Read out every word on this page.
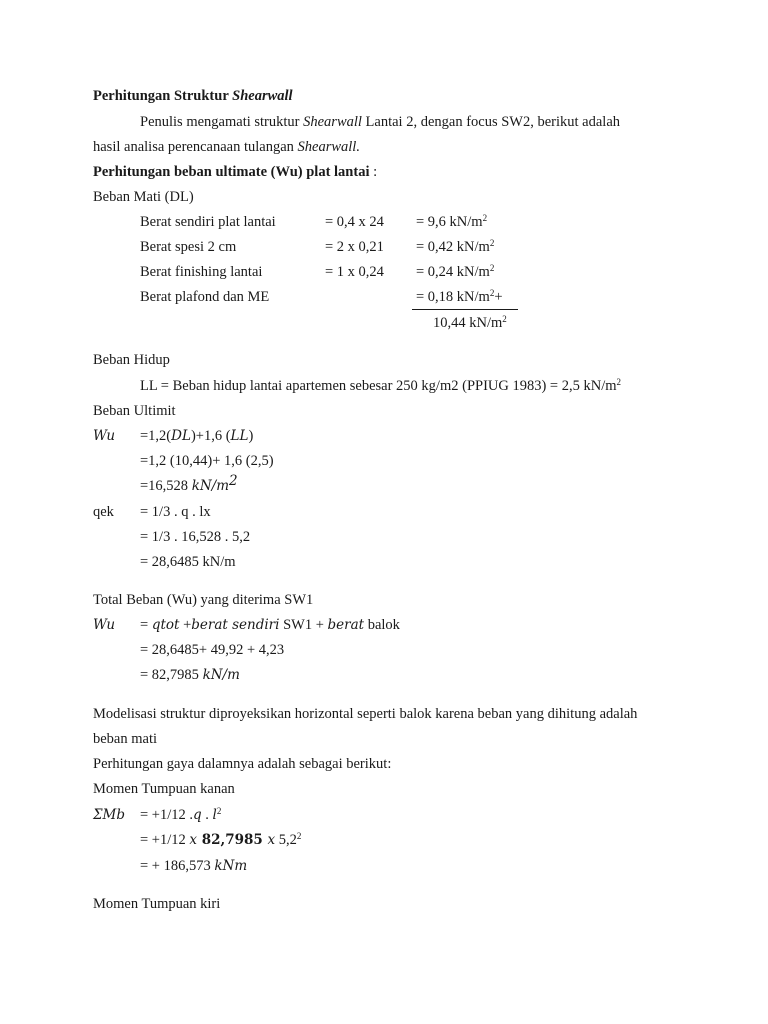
Perhitungan Struktur Shearwall
Penulis mengamati struktur Shearwall Lantai 2, dengan focus SW2, berikut adalah
hasil analisa perencanaan tulangan Shearwall.
Perhitungan beban ultimate (Wu) plat lantai :
Beban Mati (DL)
Berat sendiri plat lantai	= 0,4 x 24 = 9,6 $kN/m^2$
Berat spesi 2 cm	= 2 x 0,21 = 0,42 $kN/m^2$
Berat finishing lantai	= 1 x 0,24 = 0,24 $kN/m^2$
Berat plafond dan ME	= 0,18 $kN/m^2+$
10,44 $kN/m^2$
Beban Hidup
LL = Beban hidup lantai apartemen sebesar 250 kg/m2 (PPIUG 1983) = 2,5 $kN/m^2$
Beban Ultimit
Wu =1,2(DL)+1,6 (LL)
=1,2 (10,44)+ 1,6 (2,5)
=16,528 $kN/m^2$
qek = 1/3 . q . lx
= 1/3 . 16,528 . 5,2
= 28,6485 kN/m
Total Beban (Wu) yang diterima SW1
Wu = qtot +berat sendiri SW1 + berat balok
= 28,6485+ 49,92 + 4,23
= 82,7985 kN/m
Modelisasi struktur diproyeksikan horizontal seperti balok karena beban yang dihitung adalah
beban mati
Perhitungan gaya dalamnya adalah sebagai berikut:
Momen Tumpuan kanan
ΣMb = +1/12 .q . $l^2$
= +1/12 x 82,7985 x $5,2^2$
= + 186,573 kNm
Momen Tumpuan kiri
